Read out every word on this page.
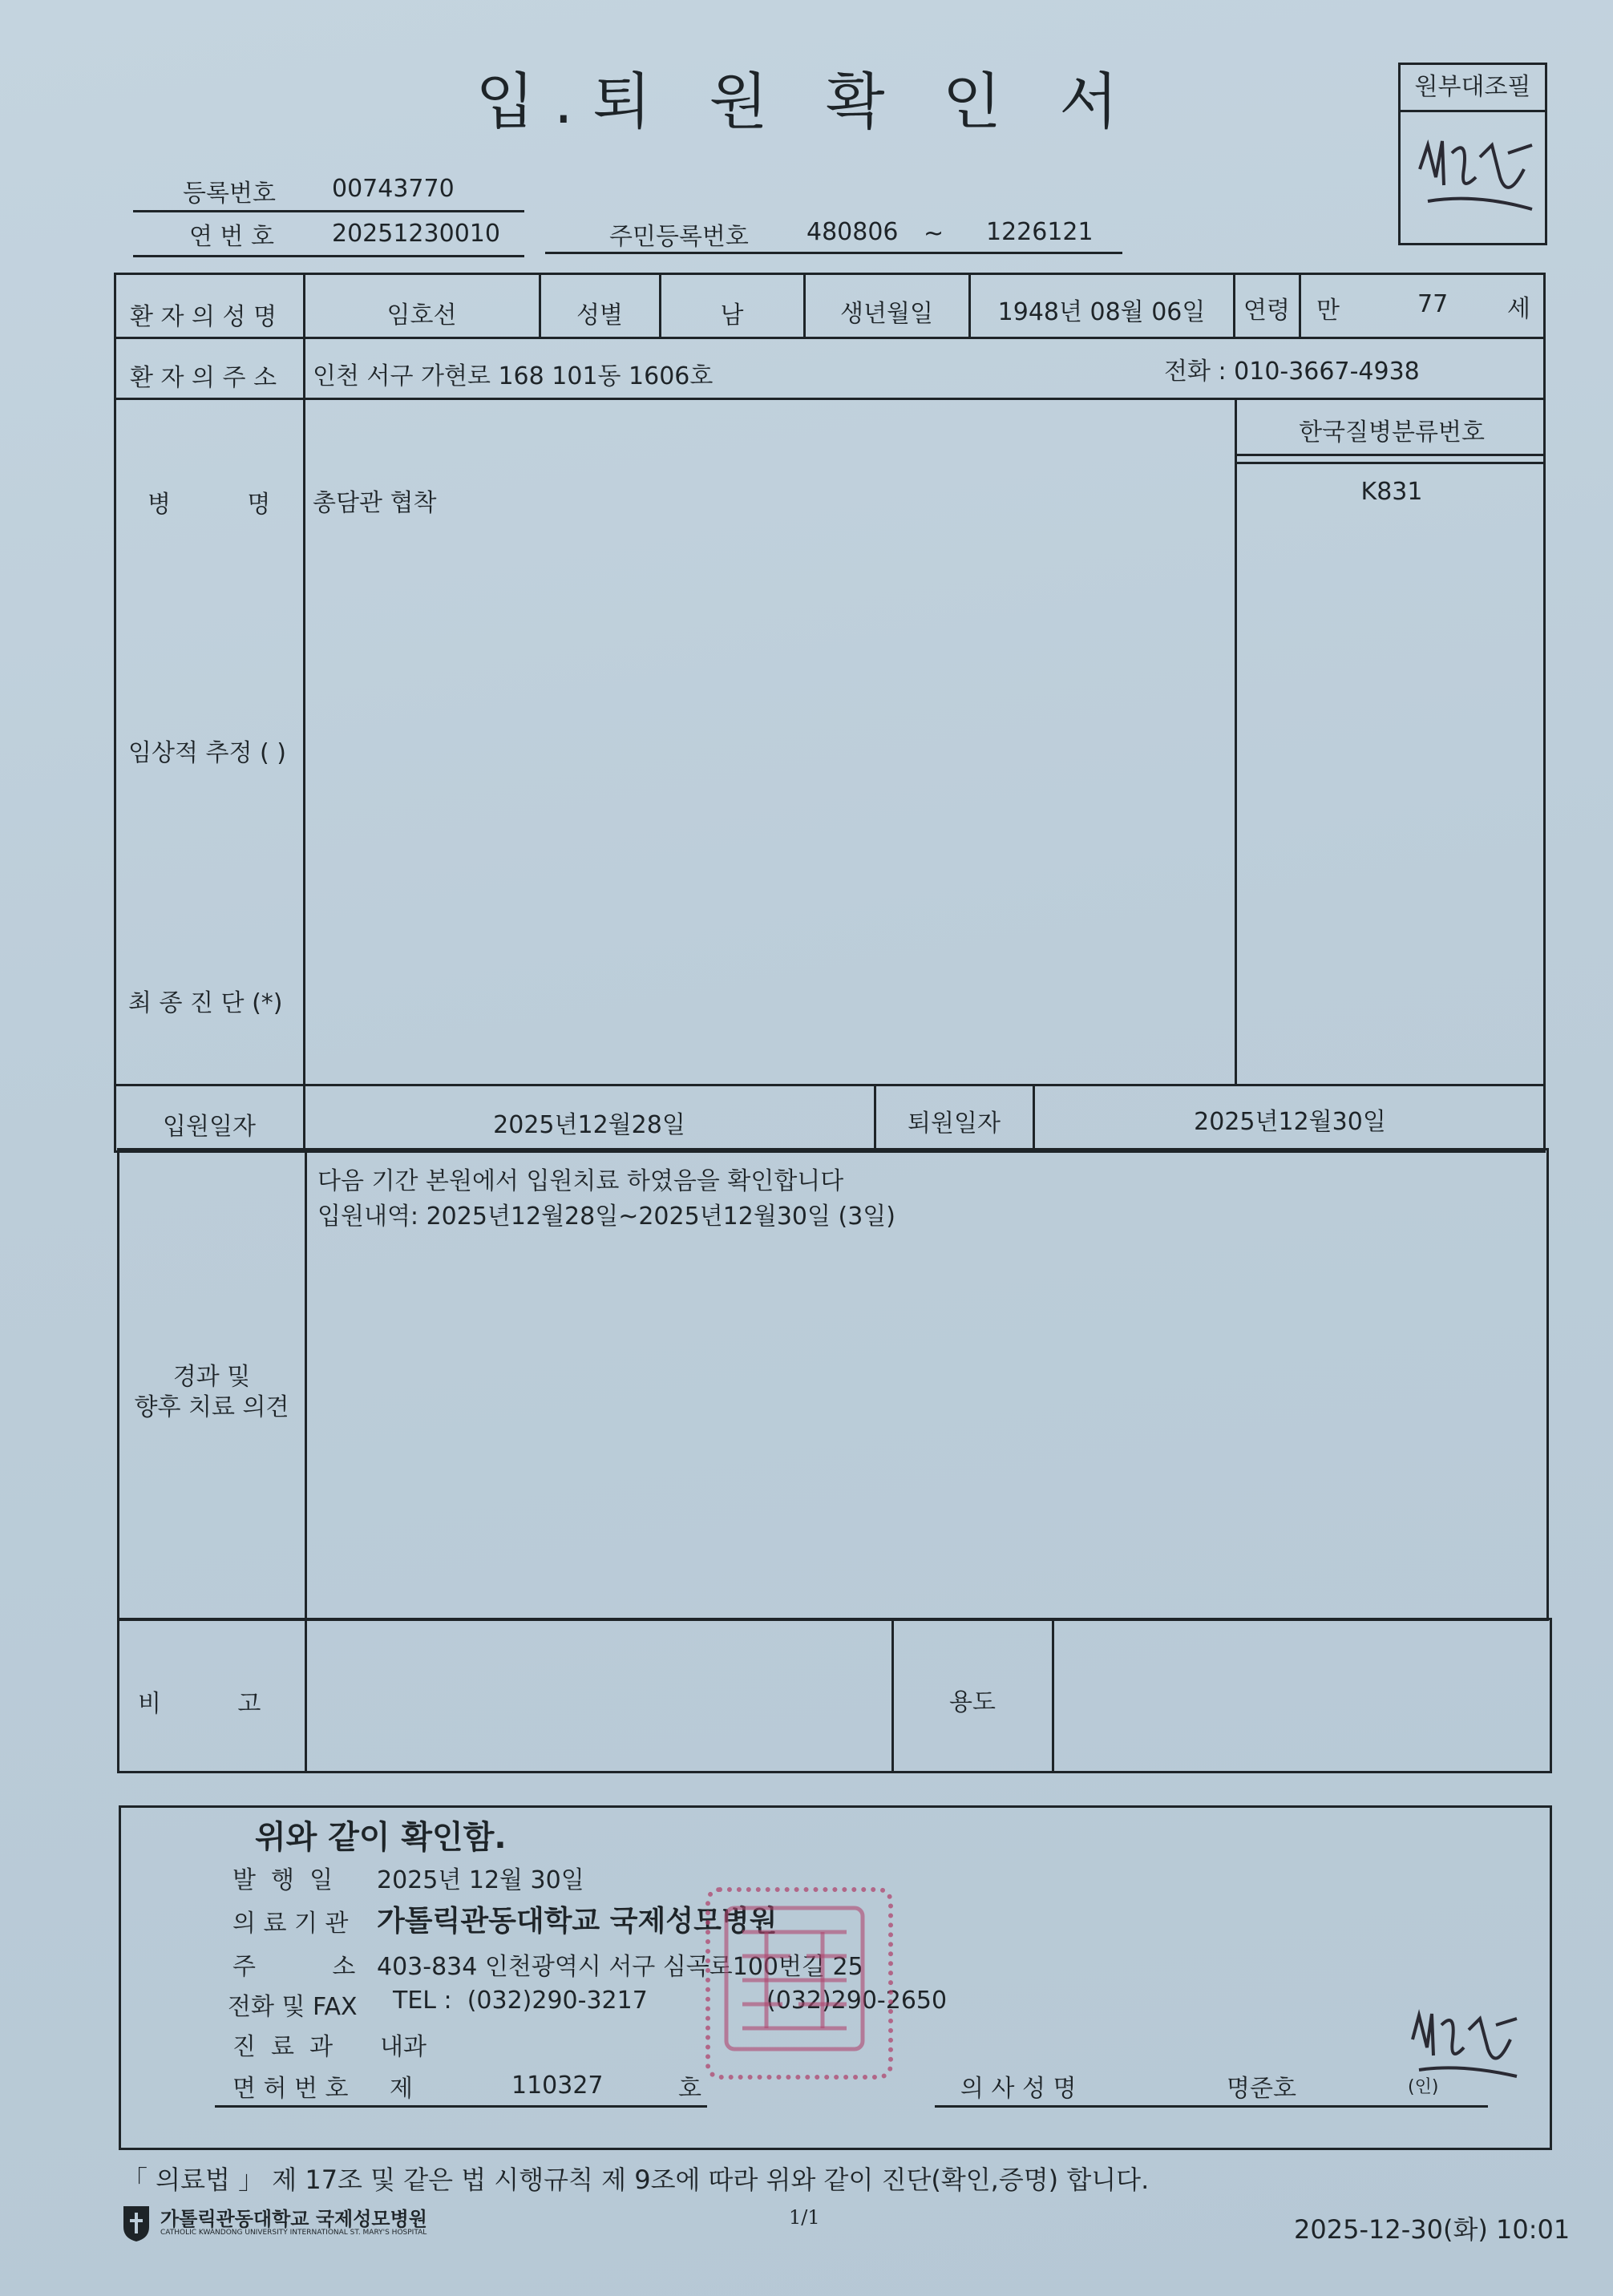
입.퇴 원 확 인 서	원부대조필
등록번호 00743770
연 번 호 20251230010	주민등록번호 480806 ~ 1226121
환 자 의 성 명	임호선	성별	남	생년월일	1948년 08월 06일	연령	만	77 세
환 자 의 주 소 인천 서구 가현로 168 101동 1606호	전화 : 010-3667-4938
한국질병분류번호
K831
병          명 총담관 협착
임상적 추정 ( )
최 종 진 단 (*)
입원일자	2025년12월28일	퇴원일자	2025년12월30일
경과 및
향후 치료 의견
다음 기간 본원에서 입원치료 하였음을 확인합니다
입원내역: 2025년12월28일~2025년12월30일 (3일)
비          고	용도
위와 같이 확인함.
발  행  일 2025년 12월 30일
의 료 기 관 가톨릭관동대학교 국제성모병원
주          소 403-834 인천광역시 서구 심곡로100번길 25
전화 및 FAX TEL :  (032)290-3217	(032)290-2650
진  료  과 내과
면 허 번 호 제	110327	호	의 사 성 명	명준호	(인)
「 의료법 」 제 17조 및 같은 법 시행규칙 제 9조에 따라 위와 같이 진단(확인,증명) 합니다.
가톨릭관동대학교 국제성모병원
CATHOLIC KWANDONG UNIVERSITY INTERNATIONAL ST. MARY'S HOSPITAL
1/1	2025-12-30(화) 10:01
